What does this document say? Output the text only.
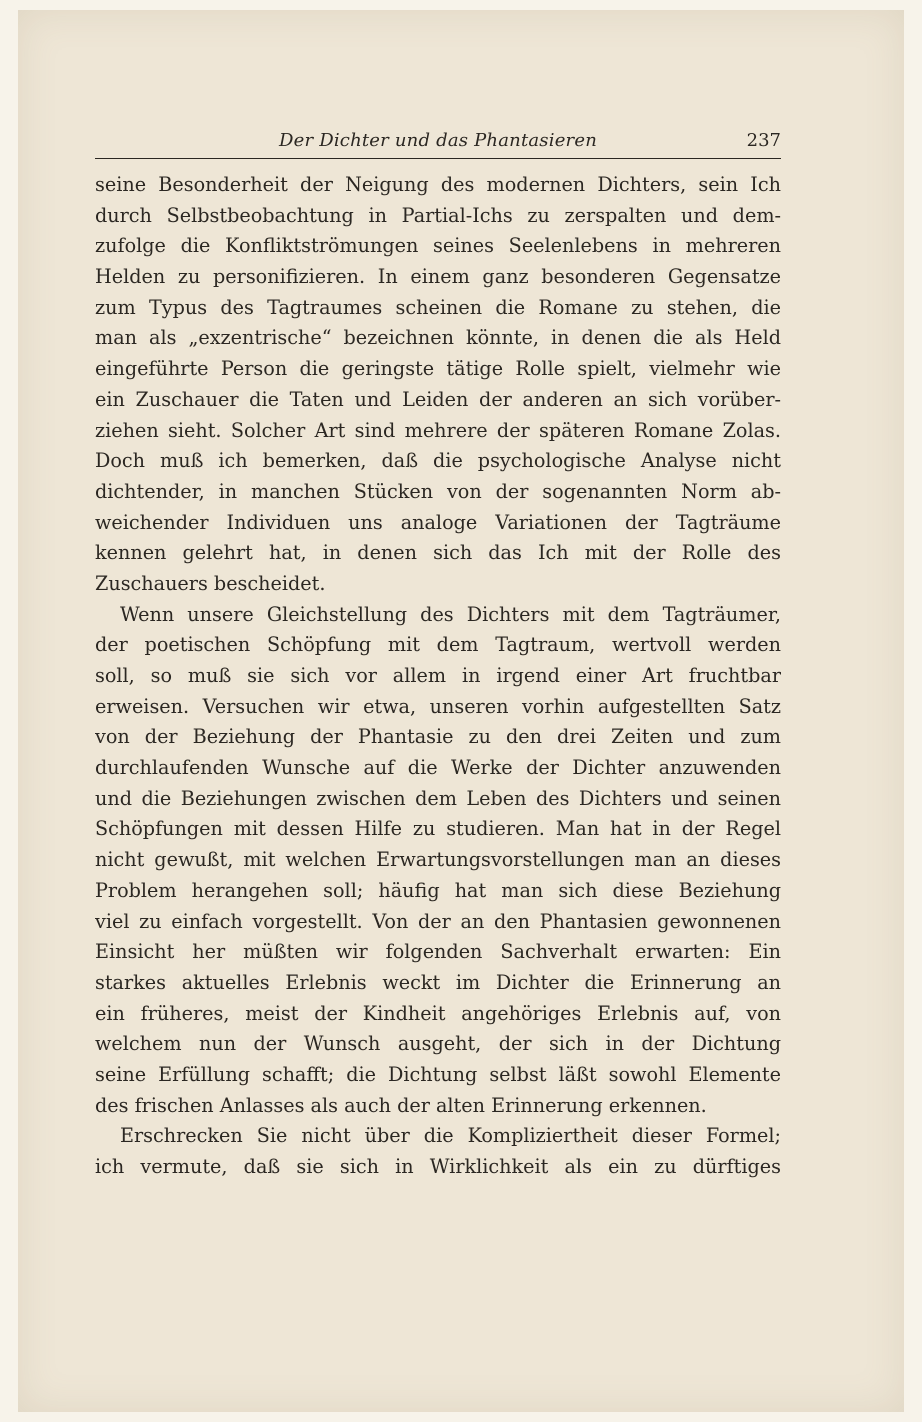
Der Dichter und das Phantasieren	237
seine Besonderheit der Neigung des modernen Dichters, sein Ich
durch Selbstbeobachtung in Partial-Ichs zu zerspalten und dem-
zufolge die Konfliktströmungen seines Seelenlebens in mehreren
Helden zu personifizieren. In einem ganz besonderen Gegensatze
zum Typus des Tagtraumes scheinen die Romane zu stehen, die
man als „exzentrische“ bezeichnen könnte, in denen die als Held
eingeführte Person die geringste tätige Rolle spielt, vielmehr wie
ein Zuschauer die Taten und Leiden der anderen an sich vorüber-
ziehen sieht. Solcher Art sind mehrere der späteren Romane Zolas.
Doch muß ich bemerken, daß die psychologische Analyse nicht
dichtender, in manchen Stücken von der sogenannten Norm ab-
weichender Individuen uns analoge Variationen der Tagträume
kennen gelehrt hat, in denen sich das Ich mit der Rolle des
Zuschauers bescheidet.
Wenn unsere Gleichstellung des Dichters mit dem Tagträumer,
der poetischen Schöpfung mit dem Tagtraum, wertvoll werden
soll, so muß sie sich vor allem in irgend einer Art fruchtbar
erweisen. Versuchen wir etwa, unseren vorhin aufgestellten Satz
von der Beziehung der Phantasie zu den drei Zeiten und zum
durchlaufenden Wunsche auf die Werke der Dichter anzuwenden
und die Beziehungen zwischen dem Leben des Dichters und seinen
Schöpfungen mit dessen Hilfe zu studieren. Man hat in der Regel
nicht gewußt, mit welchen Erwartungsvorstellungen man an dieses
Problem herangehen soll; häufig hat man sich diese Beziehung
viel zu einfach vorgestellt. Von der an den Phantasien gewonnenen
Einsicht her müßten wir folgenden Sachverhalt erwarten: Ein
starkes aktuelles Erlebnis weckt im Dichter die Erinnerung an
ein früheres, meist der Kindheit angehöriges Erlebnis auf, von
welchem nun der Wunsch ausgeht, der sich in der Dichtung
seine Erfüllung schafft; die Dichtung selbst läßt sowohl Elemente
des frischen Anlasses als auch der alten Erinnerung erkennen.
Erschrecken Sie nicht über die Kompliziertheit dieser Formel;
ich vermute, daß sie sich in Wirklichkeit als ein zu dürftiges
